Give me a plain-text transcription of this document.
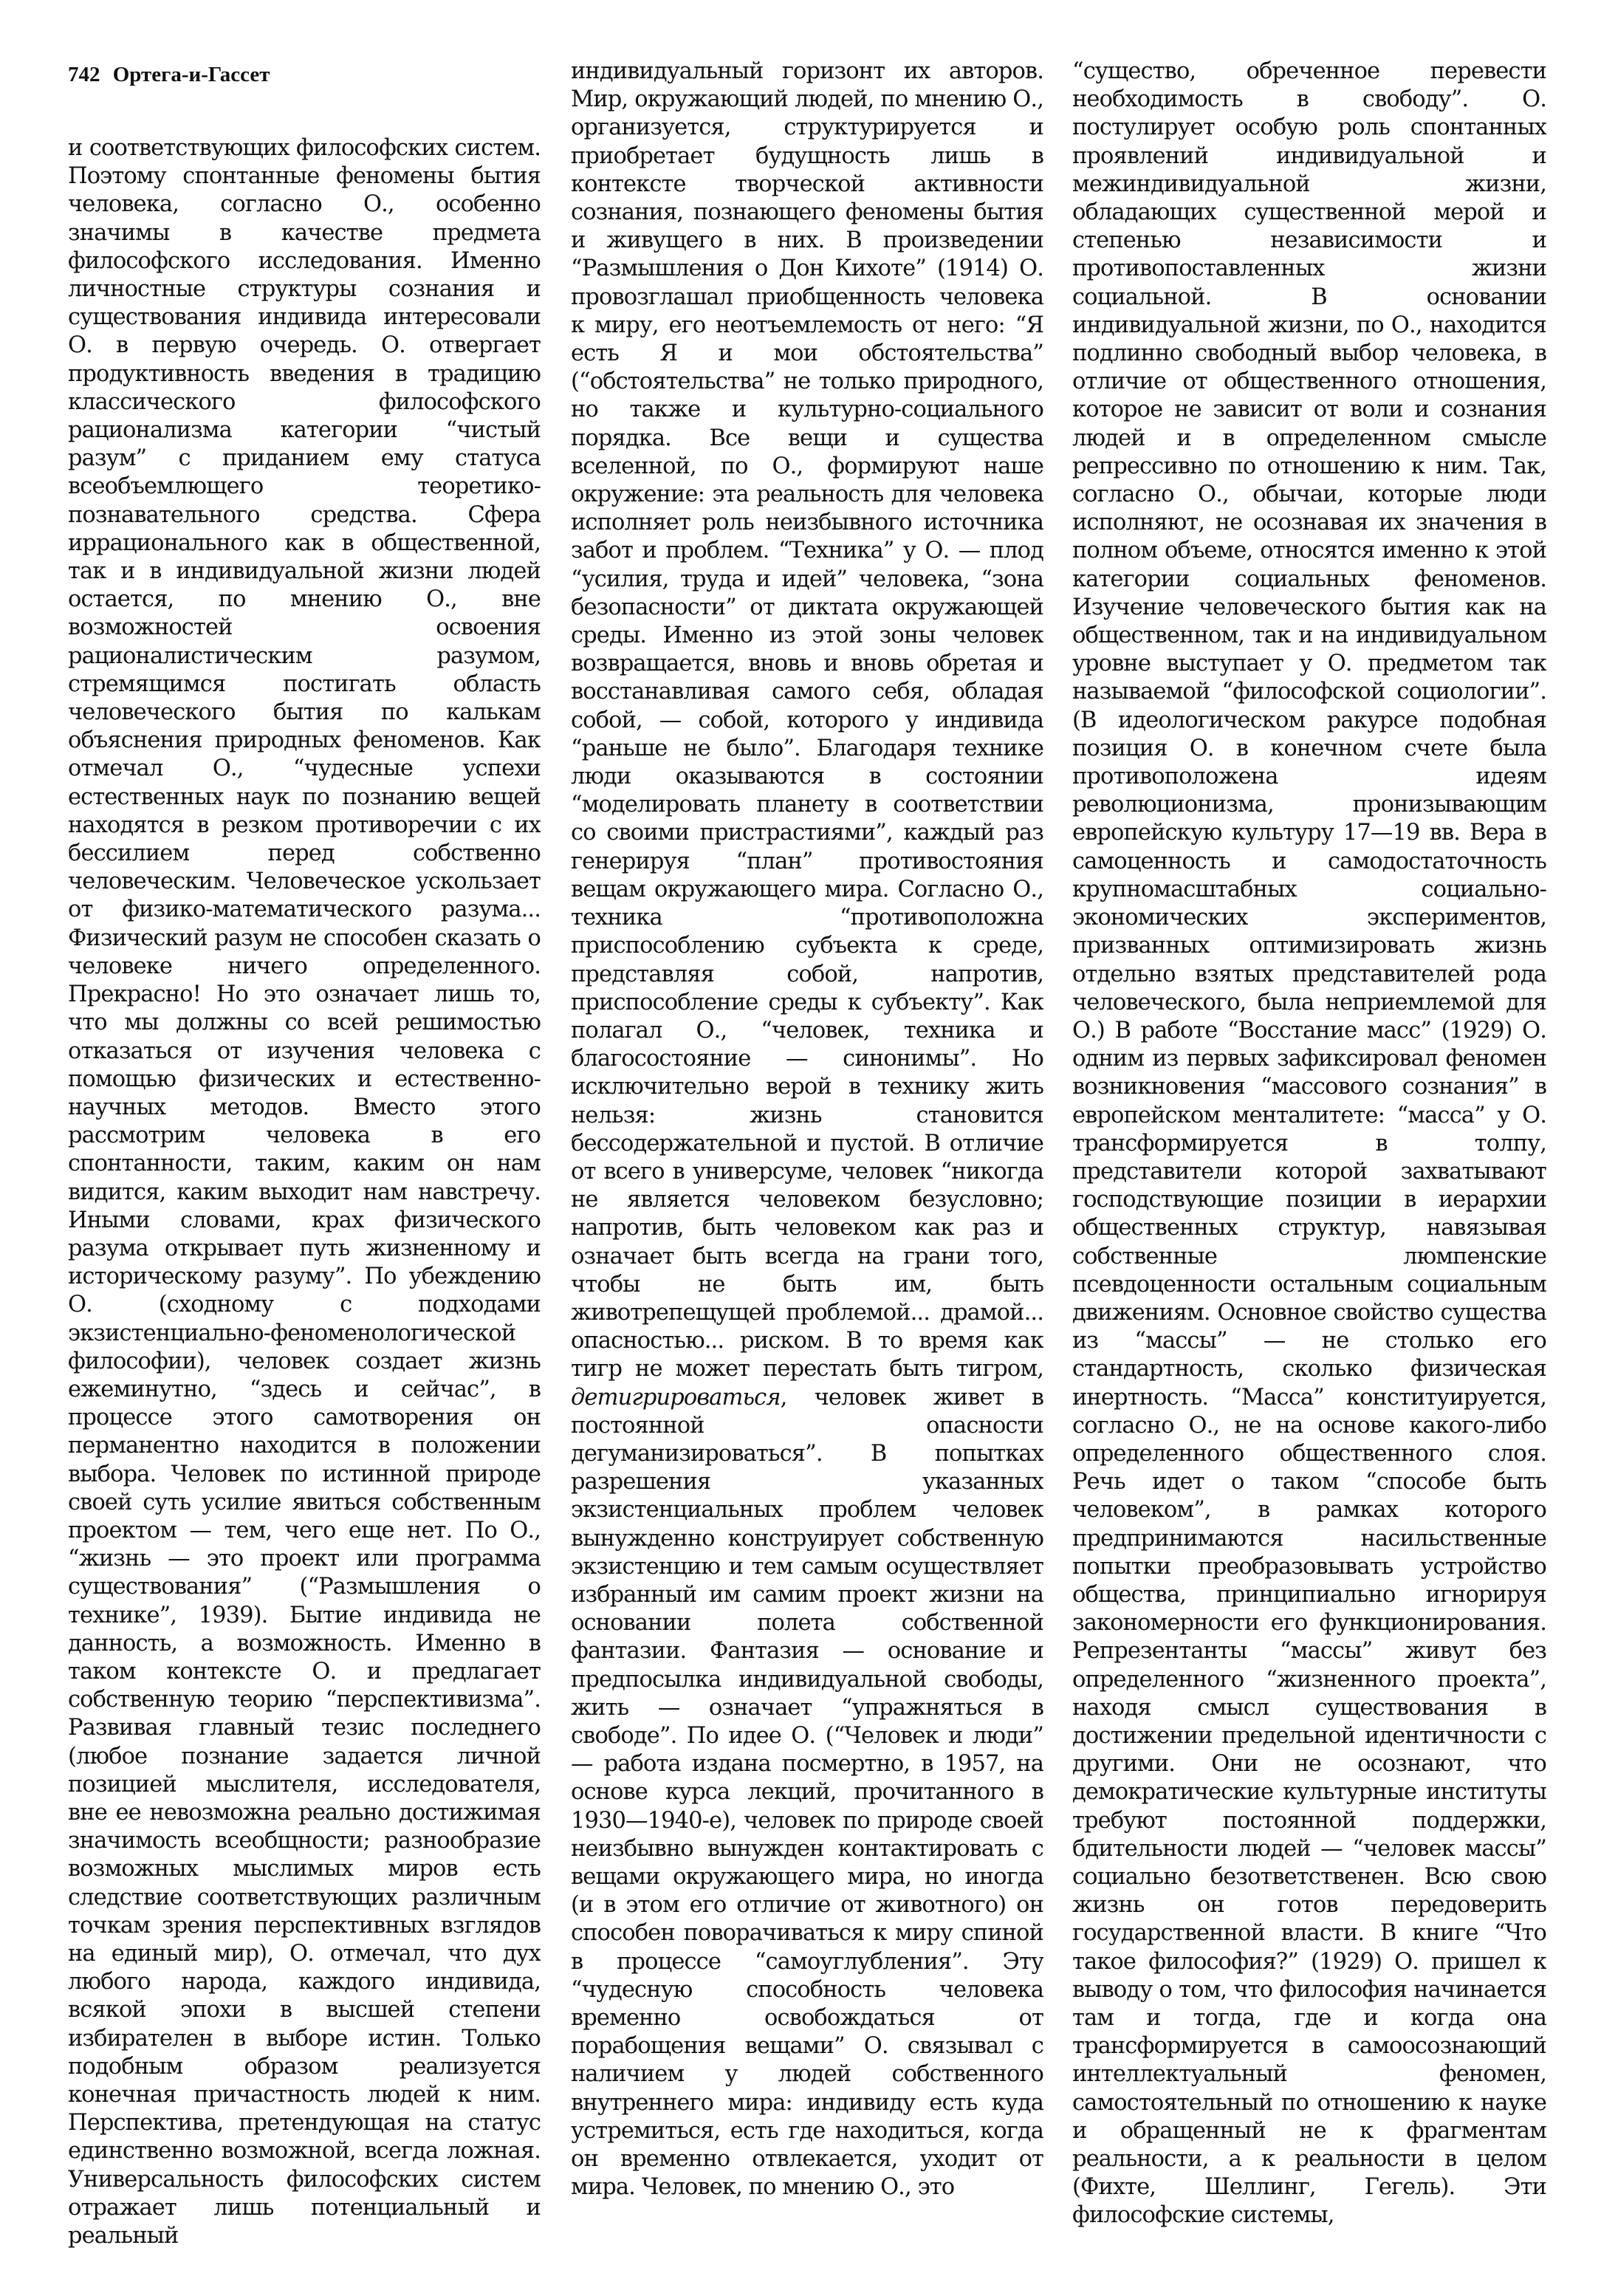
742 Ортега-и-Гассет

и соответствующих философских систем. Поэтому спонтанные феномены бытия человека, согласно О., особенно значимы в качестве предмета философского исследования. Именно личностные структуры сознания и существования индивида интересовали О. в первую очередь. О. отвергает продуктивность введения в традицию классического философского рационализма категории “чистый разум” с приданием ему статуса всеобъемлющего теоретико-познавательного средства. Сфера иррационального как в общественной, так и в индивидуальной жизни людей остается, по мнению О., вне возможностей освоения рационалистическим разумом, стремящимся постигать область человеческого бытия по калькам объяснения природных феноменов. Как отмечал О., “чудесные успехи естественных наук по познанию вещей находятся в резком противоречии с их бессилием перед собственно человеческим. Человеческое ускользает от физико-математического разума... Физический разум не способен сказать о человеке ничего определенного. Прекрасно! Но это означает лишь то, что мы должны со всей решимостью отказаться от изучения человека с помощью физических и естественно-научных методов. Вместо этого рассмотрим человека в его спонтанности, таким, каким он нам видится, каким выходит нам навстречу. Иными словами, крах физического разума открывает путь жизненному и историческому разуму”. По убеждению О. (сходному с подходами экзистенциально-феноменологической философии), человек создает жизнь ежеминутно, “здесь и сейчас”, в процессе этого самотворения он перманентно находится в положении выбора. Человек по истинной природе своей суть усилие явиться собственным проектом — тем, чего еще нет. По О., “жизнь — это проект или программа существования” (“Размышления о технике”, 1939). Бытие индивида не данность, а возможность. Именно в таком контексте О. и предлагает собственную теорию “перспективизма”. Развивая главный тезис последнего (любое познание задается личной позицией мыслителя, исследователя, вне ее невозможна реально достижимая значимость всеобщности; разнообразие возможных мыслимых миров есть следствие соответствующих различным точкам зрения перспективных взглядов на единый мир), О. отмечал, что дух любого народа, каждого индивида, всякой эпохи в высшей степени избирателен в выборе истин. Только подобным образом реализуется конечная причастность людей к ним. Перспектива, претендующая на статус единственно возможной, всегда ложная. Универсальность философских систем отражает лишь потенциальный и реальный

индивидуальный горизонт их авторов. Мир, окружающий людей, по мнению О., организуется, структурируется и приобретает будущность лишь в контексте творческой активности сознания, познающего феномены бытия и живущего в них. В произведении “Размышления о Дон Кихоте” (1914) О. провозглашал приобщенность человека к миру, его неотъемлемость от него: “Я есть Я и мои обстоятельства” (“обстоятельства” не только природного, но также и культурно-социального порядка. Все вещи и существа вселенной, по О., формируют наше окружение: эта реальность для человека исполняет роль неизбывного источника забот и проблем. “Техника” у О. — плод “усилия, труда и идей” человека, “зона безопасности” от диктата окружающей среды. Именно из этой зоны человек возвращается, вновь и вновь обретая и восстанавливая самого себя, обладая собой, — собой, которого у индивида “раньше не было”. Благодаря технике люди оказываются в состоянии “моделировать планету в соответствии со своими пристрастиями”, каждый раз генерируя “план” противостояния вещам окружающего мира. Согласно О., техника “противоположна приспособлению субъекта к среде, представляя собой, напротив, приспособление среды к субъекту”. Как полагал О., “человек, техника и благосостояние — синонимы”. Но исключительно верой в технику жить нельзя: жизнь становится бессодержательной и пустой. В отличие от всего в универсуме, человек “никогда не является человеком безусловно; напротив, быть человеком как раз и означает быть всегда на грани того, чтобы не быть им, быть животрепещущей проблемой... драмой... опасностью... риском. В то время как тигр не может перестать быть тигром, детигрироваться, человек живет в постоянной опасности дегуманизироваться”. В попытках разрешения указанных экзистенциальных проблем человек вынужденно конструирует собственную экзистенцию и тем самым осуществляет избранный им самим проект жизни на основании полета собственной фантазии. Фантазия — основание и предпосылка индивидуальной свободы, жить — означает “упражняться в свободе”. По идее О. (“Человек и люди” — работа издана посмертно, в 1957, на основе курса лекций, прочитанного в 1930—1940-е), человек по природе своей неизбывно вынужден контактировать с вещами окружающего мира, но иногда (и в этом его отличие от животного) он способен поворачиваться к миру спиной в процессе “самоуглубления”. Эту “чудесную способность человека временно освобождаться от порабощения вещами” О. связывал с наличием у людей собственного внутреннего мира: индивиду есть куда устремиться, есть где находиться, когда он временно отвлекается, уходит от мира. Человек, по мнению О., это

“существо, обреченное перевести необходимость в свободу”. О. постулирует особую роль спонтанных проявлений индивидуальной и межиндивидуальной жизни, обладающих существенной мерой и степенью независимости и противопоставленных жизни социальной. В основании индивидуальной жизни, по О., находится подлинно свободный выбор человека, в отличие от общественного отношения, которое не зависит от воли и сознания людей и в определенном смысле репрессивно по отношению к ним. Так, согласно О., обычаи, которые люди исполняют, не осознавая их значения в полном объеме, относятся именно к этой категории социальных феноменов. Изучение человеческого бытия как на общественном, так и на индивидуальном уровне выступает у О. предметом так называемой “философской социологии”. (В идеологическом ракурсе подобная позиция О. в конечном счете была противоположена идеям революционизма, пронизывающим европейскую культуру 17—19 вв. Вера в самоценность и самодостаточность крупномасштабных социально-экономических экспериментов, призванных оптимизировать жизнь отдельно взятых представителей рода человеческого, была неприемлемой для О.) В работе “Восстание масс” (1929) О. одним из первых зафиксировал феномен возникновения “массового сознания” в европейском менталитете: “масса” у О. трансформируется в толпу, представители которой захватывают господствующие позиции в иерархии общественных структур, навязывая собственные люмпенские псевдоценности остальным социальным движениям. Основное свойство существа из “массы” — не столько его стандартность, сколько физическая инертность. “Масса” конституируется, согласно О., не на основе какого-либо определенного общественного слоя. Речь идет о таком “способе быть человеком”, в рамках которого предпринимаются насильственные попытки преобразовывать устройство общества, принципиально игнорируя закономерности его функционирования. Репрезентанты “массы” живут без определенного “жизненного проекта”, находя смысл существования в достижении предельной идентичности с другими. Они не осознают, что демократические культурные институты требуют постоянной поддержки, бдительности людей — “человек массы” социально безответственен. Всю свою жизнь он готов передоверить государственной власти. В книге “Что такое философия?” (1929) О. пришел к выводу о том, что философия начинается там и тогда, где и когда она трансформируется в самоосознающий интеллектуальный феномен, самостоятельный по отношению к науке и обращенный не к фрагментам реальности, а к реальности в целом (Фихте, Шеллинг, Гегель). Эти философские системы,
